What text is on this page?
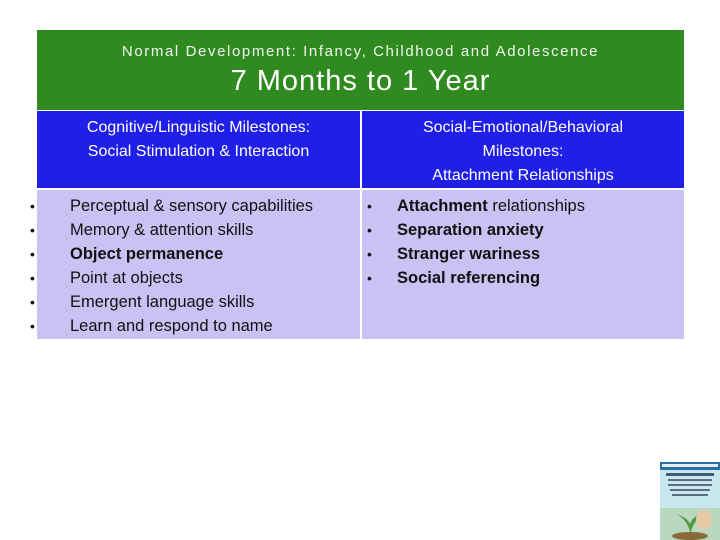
Normal Development: Infancy, Childhood and Adolescence
7 Months to 1 Year
Cognitive/Linguistic Milestones:
Social Stimulation & Interaction
Social-Emotional/Behavioral
Milestones:
Attachment Relationships
• Perceptual & sensory capabilities
• Memory & attention skills
• Object permanence
• Point at objects
• Emergent language skills
• Learn and respond to name
• Attachment relationships
• Separation anxiety
• Stranger wariness
• Social referencing
